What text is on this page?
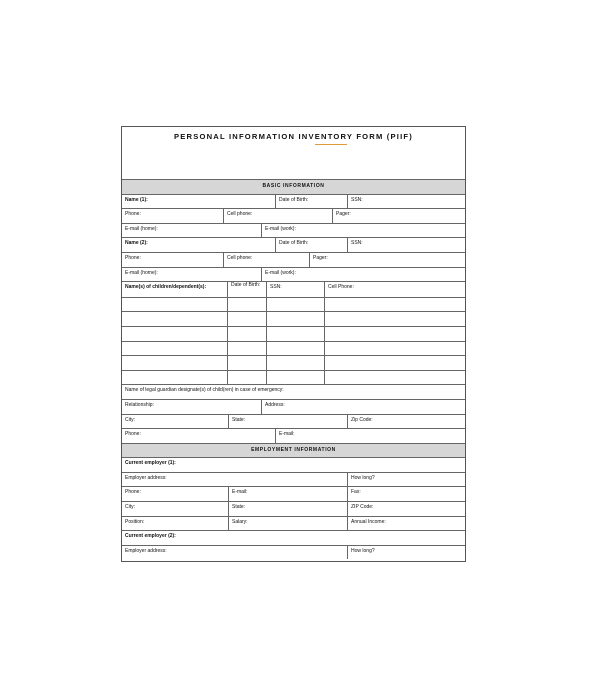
PERSONAL INFORMATION INVENTORY FORM (PIIF)
BASIC INFORMATION
Name (1):	Date of Birth:	SSN:
Phone:	Cell phone:	Pager:
E-mail (home):	E-mail (work):
Name (2):	Date of Birth:	SSN:
Phone:	Cell phone:	Pager:
E-mail (home):	E-mail (work):
Name(s) of children/dependent(s):	Date of Birth:	SSN:	Cell Phone:
Name of legal guardian designate(s) of child(ren) in case of emergency:
Relationship:	Address:
City:	State:	Zip Code:
Phone:	E-mail:
EMPLOYMENT INFORMATION
Current employer (1):
Employer address:	How long?
Phone:	E-mail:	Fax:
City:	State:	ZIP Code:
Position:	Salary:	Annual Income:
Current employer (2):
Employer address:	How long?
